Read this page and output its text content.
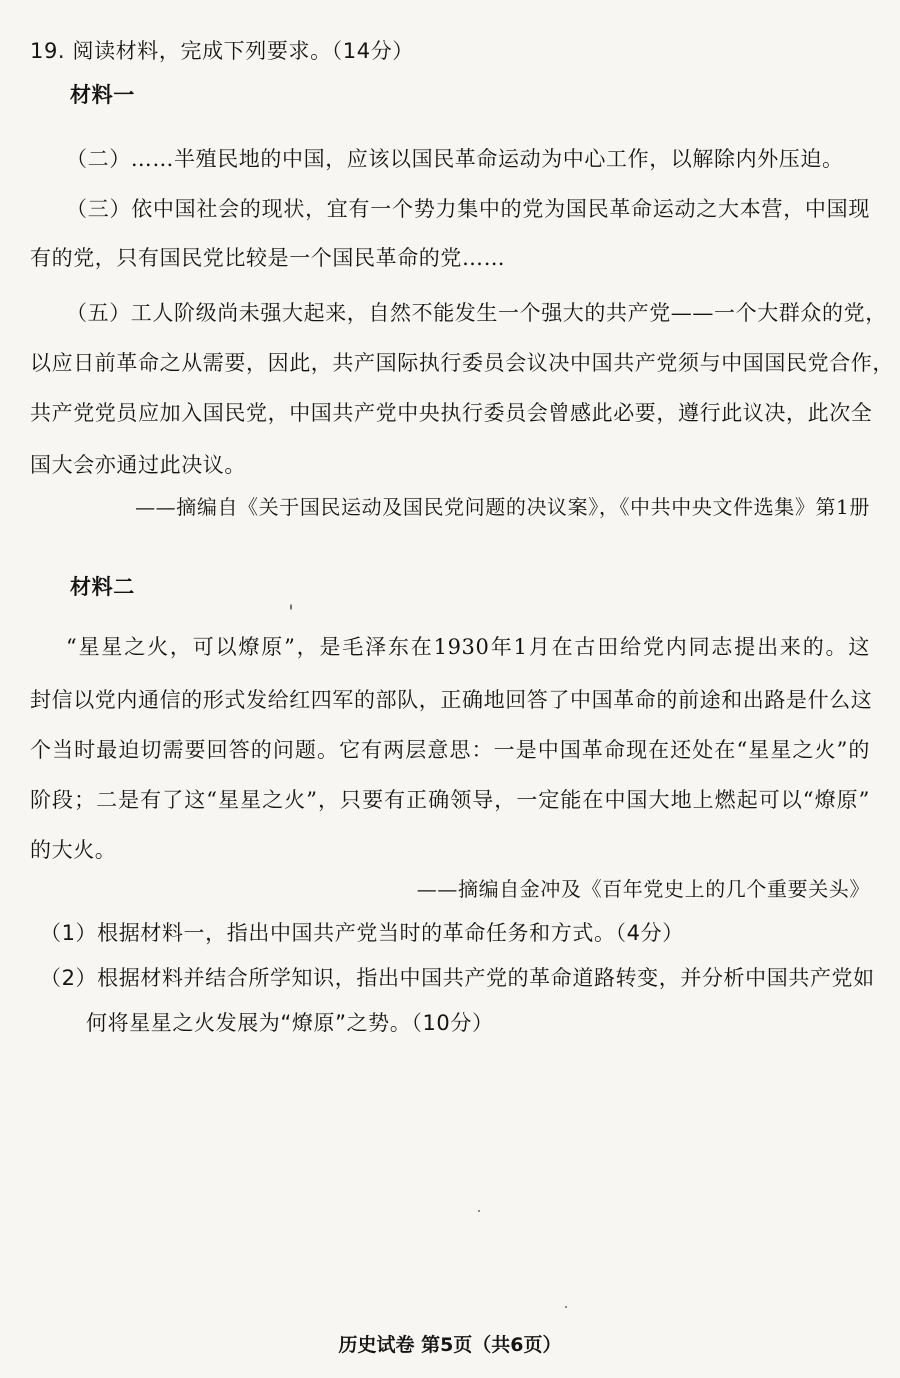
19. 阅读材料，完成下列要求。（14分）
材料一
（二）……半殖民地的中国，应该以国民革命运动为中心工作，以解除内外压迫。
（三）依中国社会的现状，宜有一个势力集中的党为国民革命运动之大本营，中国现
有的党，只有国民党比较是一个国民革命的党……
（五）工人阶级尚未强大起来，自然不能发生一个强大的共产党——一个大群众的党，
以应日前革命之从需要，因此，共产国际执行委员会议决中国共产党须与中国国民党合作，
共产党党员应加入国民党，中国共产党中央执行委员会曾感此必要，遵行此议决，此次全
国大会亦通过此决议。
——摘编自《关于国民运动及国民党问题的决议案》，《中共中央文件选集》第1册
材料二
“星星之火，可以燎原”，是毛泽东在1930年1月在古田给党内同志提出来的。这
封信以党内通信的形式发给红四军的部队，正确地回答了中国革命的前途和出路是什么这
个当时最迫切需要回答的问题。它有两层意思：一是中国革命现在还处在“星星之火”的
阶段；二是有了这“星星之火”，只要有正确领导，一定能在中国大地上燃起可以“燎原”
的大火。
——摘编自金冲及《百年党史上的几个重要关头》
（1）根据材料一，指出中国共产党当时的革命任务和方式。（4分）
（2）根据材料并结合所学知识，指出中国共产党的革命道路转变，并分析中国共产党如
何将星星之火发展为“燎原”之势。（10分）
历史试卷 第5页（共6页）
